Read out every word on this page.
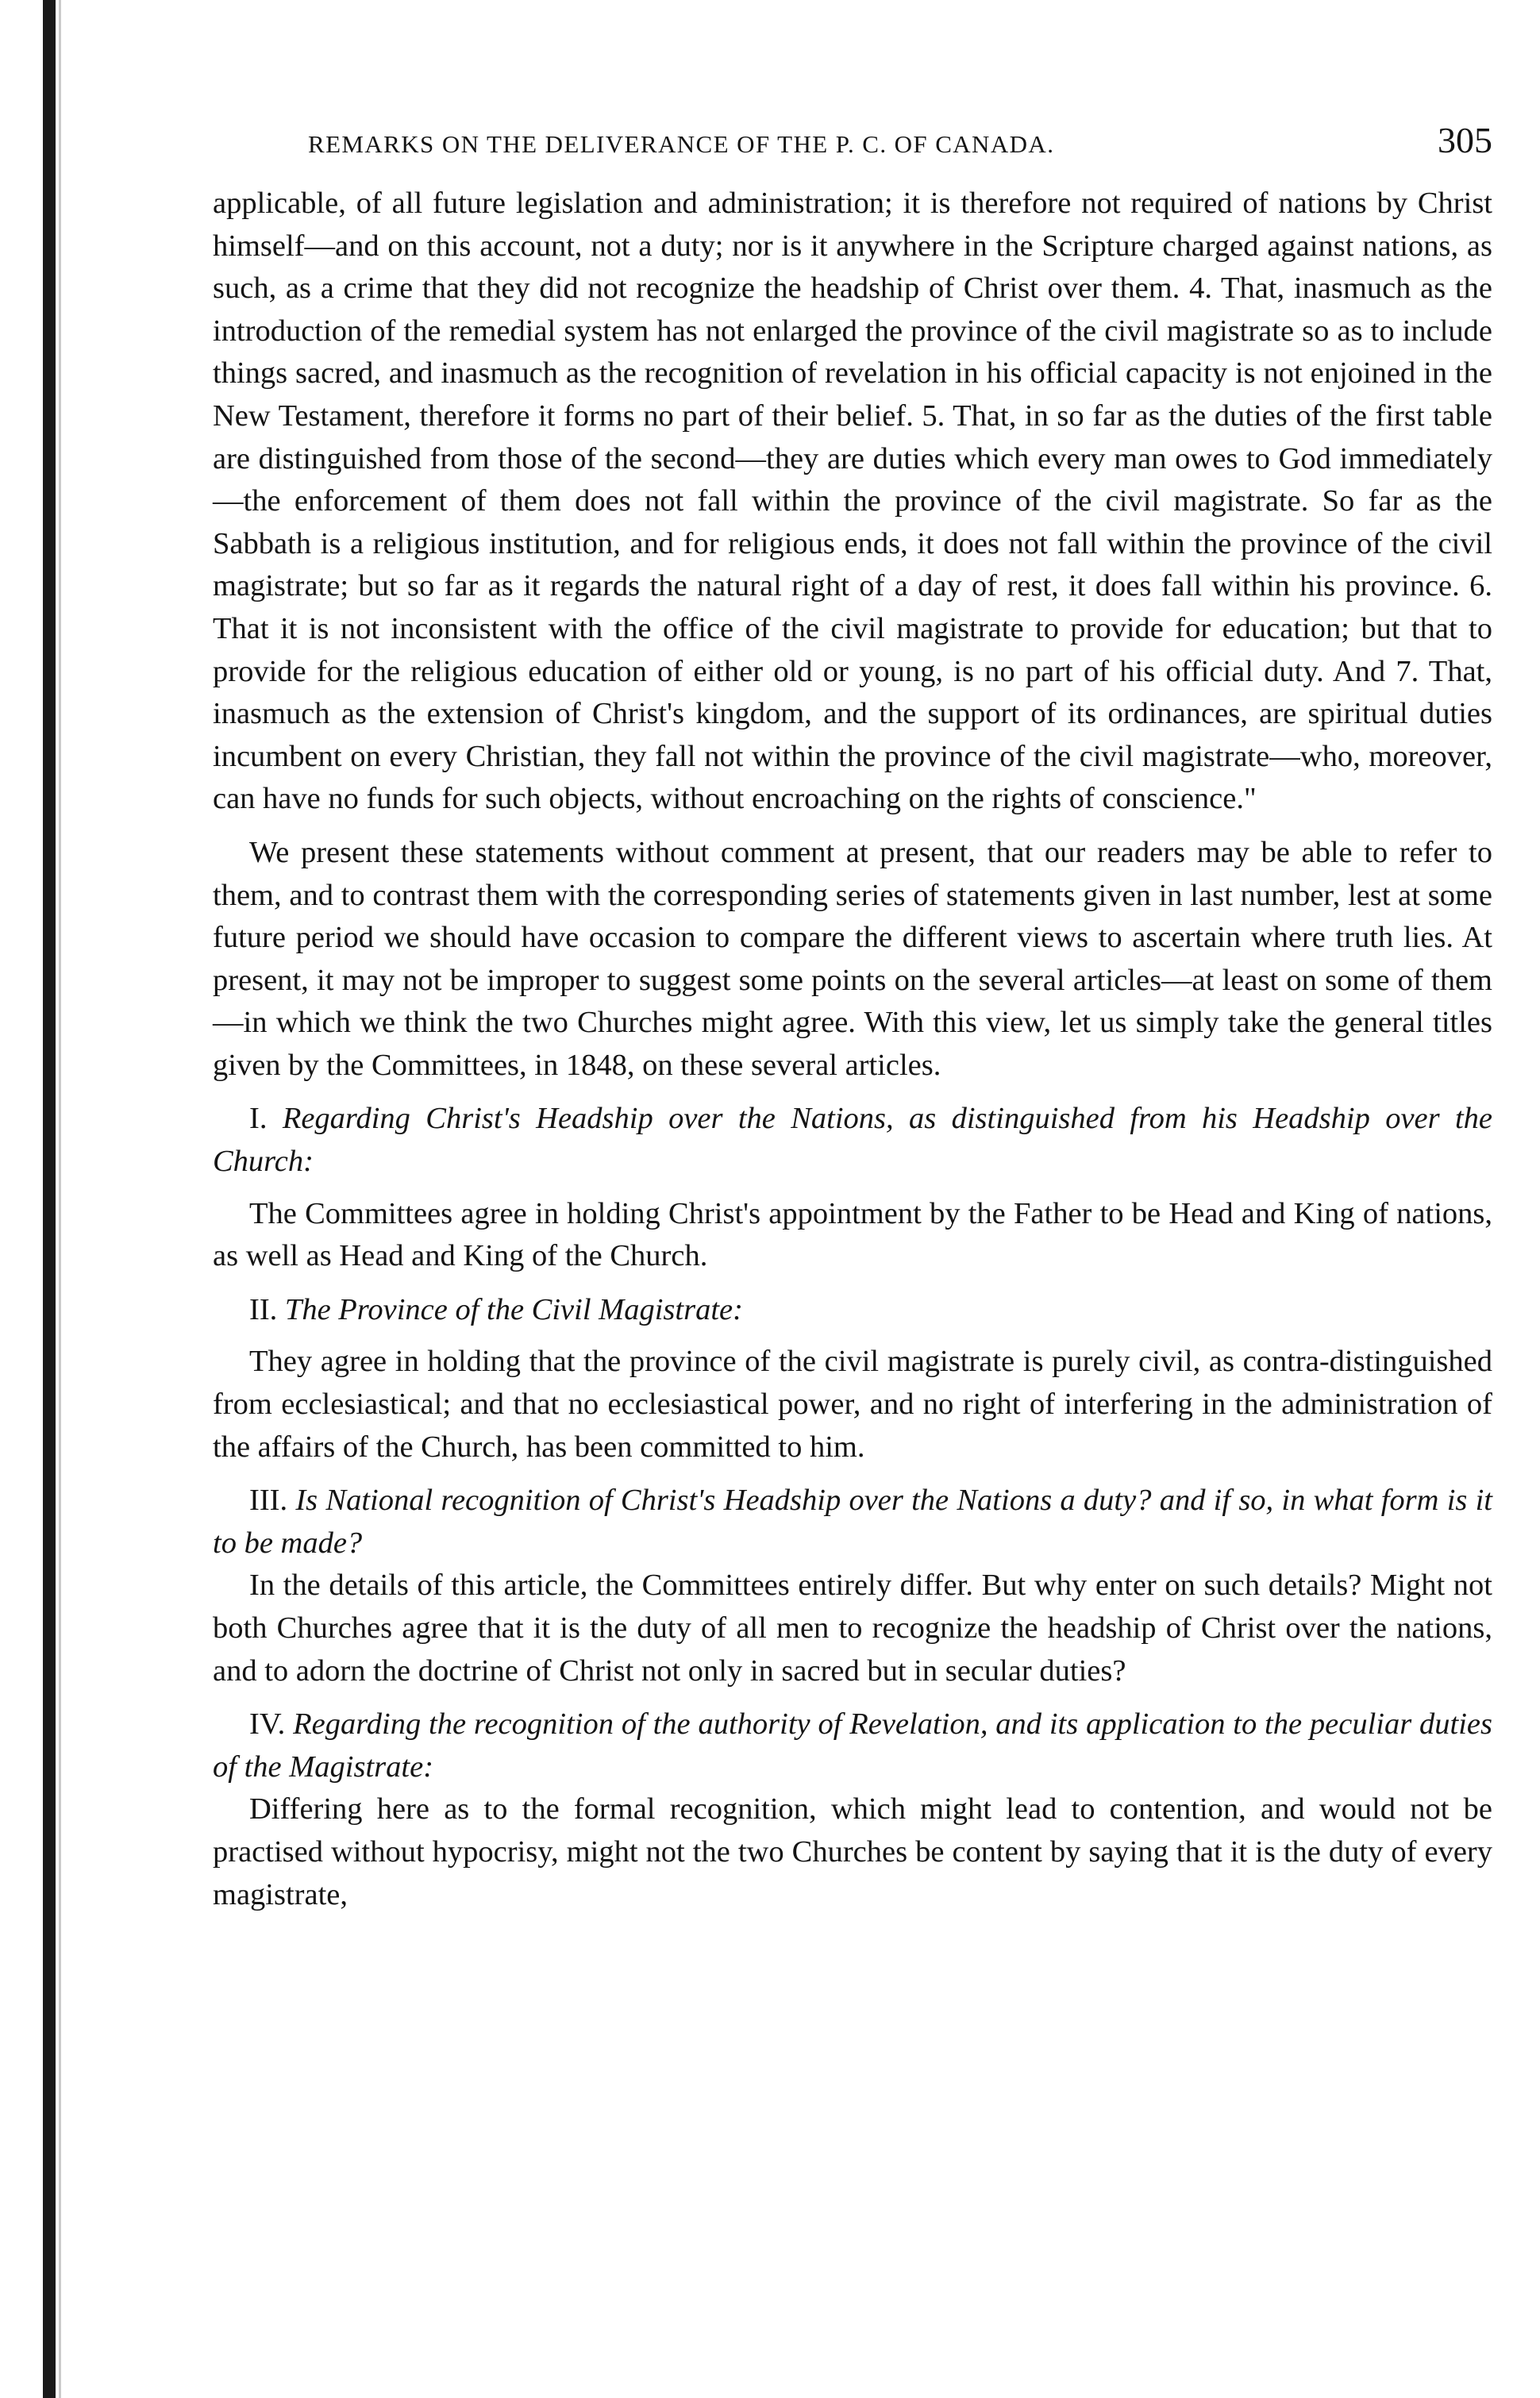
REMARKS ON THE DELIVERANCE OF THE P. C. OF CANADA.	305

applicable, of all future legislation and administration; it is therefore not required of nations by Christ himself—and on this account, not a duty; nor is it anywhere in the Scripture charged against nations, as such, as a crime that they did not recognize the headship of Christ over them. 4. That, inasmuch as the introduction of the remedial system has not enlarged the province of the civil magistrate so as to include things sacred, and inasmuch as the recognition of revelation in his official capacity is not enjoined in the New Testament, therefore it forms no part of their belief. 5. That, in so far as the duties of the first table are distinguished from those of the second—they are duties which every man owes to God immediately—the enforcement of them does not fall within the province of the civil magistrate. So far as the Sabbath is a religious institution, and for religious ends, it does not fall within the province of the civil magistrate; but so far as it regards the natural right of a day of rest, it does fall within his province. 6. That it is not inconsistent with the office of the civil magistrate to provide for education; but that to provide for the religious education of either old or young, is no part of his official duty. And 7. That, inasmuch as the extension of Christ's kingdom, and the support of its ordinances, are spiritual duties incumbent on every Christian, they fall not within the province of the civil magistrate—who, moreover, can have no funds for such objects, without encroaching on the rights of conscience."

We present these statements without comment at present, that our readers may be able to refer to them, and to contrast them with the corresponding series of statements given in last number, lest at some future period we should have occasion to compare the different views to ascertain where truth lies. At present, it may not be improper to suggest some points on the several articles—at least on some of them—in which we think the two Churches might agree. With this view, let us simply take the general titles given by the Committees, in 1848, on these several articles.

I. Regarding Christ's Headship over the Nations, as distinguished from his Headship over the Church:

The Committees agree in holding Christ's appointment by the Father to be Head and King of nations, as well as Head and King of the Church.

II. The Province of the Civil Magistrate:

They agree in holding that the province of the civil magistrate is purely civil, as contra-distinguished from ecclesiastical; and that no ecclesiastical power, and no right of interfering in the administration of the affairs of the Church, has been committed to him.

III. Is National recognition of Christ's Headship over the Nations a duty? and if so, in what form is it to be made?

In the details of this article, the Committees entirely differ. But why enter on such details? Might not both Churches agree that it is the duty of all men to recognize the headship of Christ over the nations, and to adorn the doctrine of Christ not only in sacred but in secular duties?

IV. Regarding the recognition of the authority of Revelation, and its application to the peculiar duties of the Magistrate:

Differing here as to the formal recognition, which might lead to contention, and would not be practised without hypocrisy, might not the two Churches be content by saying that it is the duty of every magistrate,
